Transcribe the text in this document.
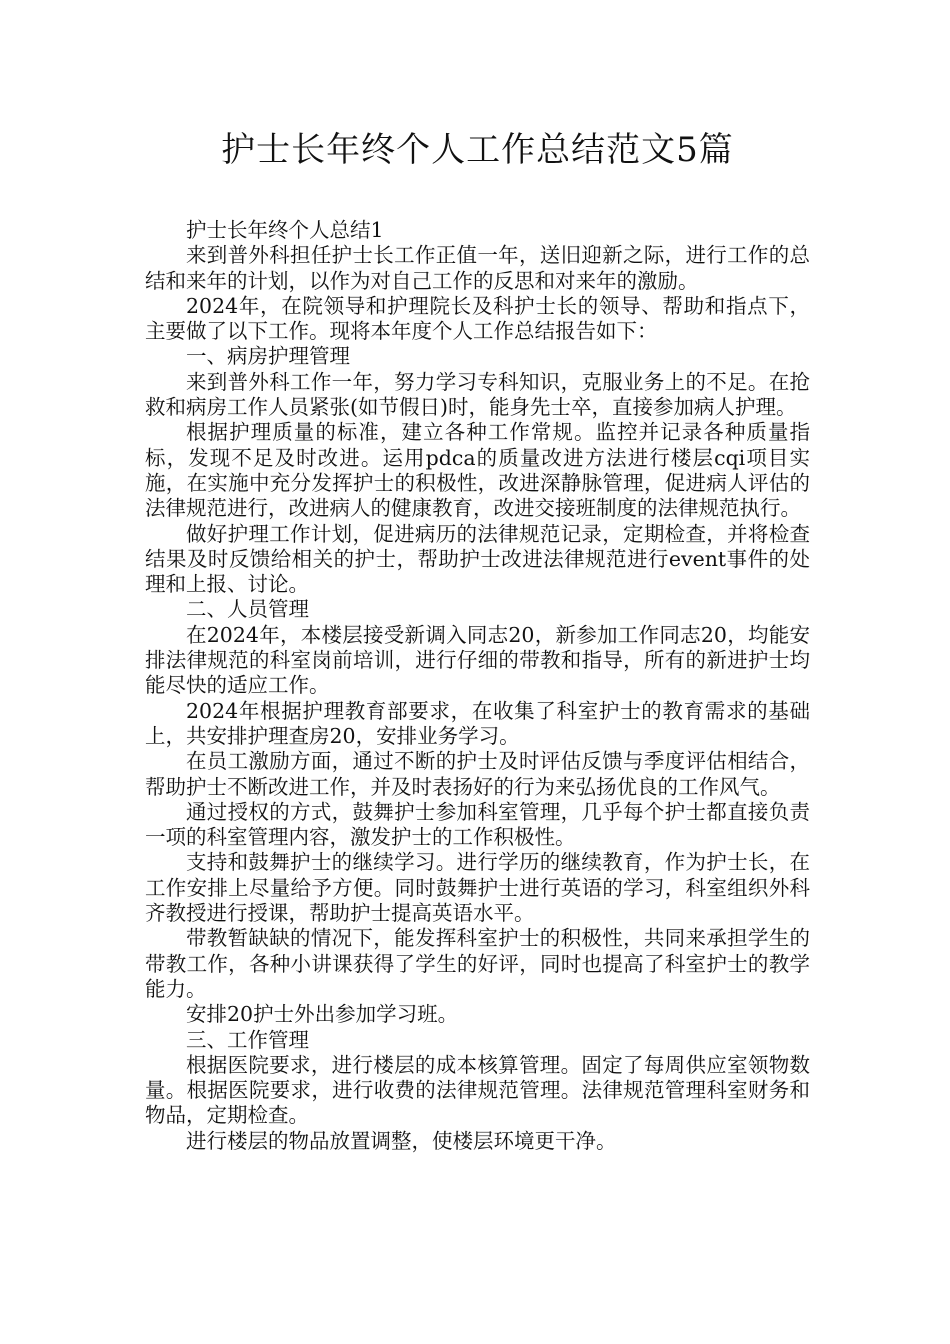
护士长年终个人工作总结范文5篇

护士长年终个人总结1

来到普外科担任护士长工作正值一年，送旧迎新之际，进行工作的总结和来年的计划，以作为对自己工作的反思和对来年的激励。

2024年，在院领导和护理院长及科护士长的领导、帮助和指点下，主要做了以下工作。现将本年度个人工作总结报告如下：

一、病房护理管理

来到普外科工作一年，努力学习专科知识，克服业务上的不足。在抢救和病房工作人员紧张(如节假日)时，能身先士卒，直接参加病人护理。

根据护理质量的标准，建立各种工作常规。监控并记录各种质量指标，发现不足及时改进。运用pdca的质量改进方法进行楼层cqi项目实施，在实施中充分发挥护士的积极性，改进深静脉管理，促进病人评估的法律规范进行，改进病人的健康教育，改进交接班制度的法律规范执行。

做好护理工作计划，促进病历的法律规范记录，定期检查，并将检查结果及时反馈给相关的护士，帮助护士改进法律规范进行event事件的处理和上报、讨论。

二、人员管理

在2024年，本楼层接受新调入同志20，新参加工作同志20，均能安排法律规范的科室岗前培训，进行仔细的带教和指导，所有的新进护士均能尽快的适应工作。

2024年根据护理教育部要求，在收集了科室护士的教育需求的基础上，共安排护理查房20，安排业务学习。

在员工激励方面，通过不断的护士及时评估反馈与季度评估相结合，帮助护士不断改进工作，并及时表扬好的行为来弘扬优良的工作风气。

通过授权的方式，鼓舞护士参加科室管理，几乎每个护士都直接负责一项的科室管理内容，激发护士的工作积极性。

支持和鼓舞护士的继续学习。进行学历的继续教育，作为护士长，在工作安排上尽量给予方便。同时鼓舞护士进行英语的学习，科室组织外科齐教授进行授课，帮助护士提高英语水平。

带教暂缺缺的情况下，能发挥科室护士的积极性，共同来承担学生的带教工作，各种小讲课获得了学生的好评，同时也提高了科室护士的教学能力。

安排20护士外出参加学习班。

三、工作管理

根据医院要求，进行楼层的成本核算管理。固定了每周供应室领物数量。根据医院要求，进行收费的法律规范管理。法律规范管理科室财务和物品，定期检查。

进行楼层的物品放置调整，使楼层环境更干净。
